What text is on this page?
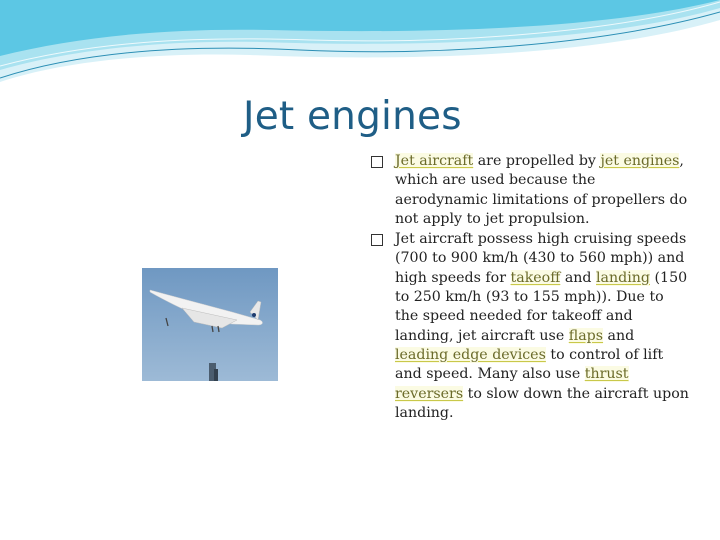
Jet engines

Jet aircraft are propelled by jet engines, which are used because the aerodynamic limitations of propellers do not apply to jet propulsion.

Jet aircraft possess high cruising speeds (700 to 900 km/h (430 to 560 mph)) and high speeds for takeoff and landing (150 to 250 km/h (93 to 155 mph)). Due to the speed needed for takeoff and landing, jet aircraft use flaps and leading edge devices to control of lift and speed. Many also use thrust reversers to slow down the aircraft upon landing.
